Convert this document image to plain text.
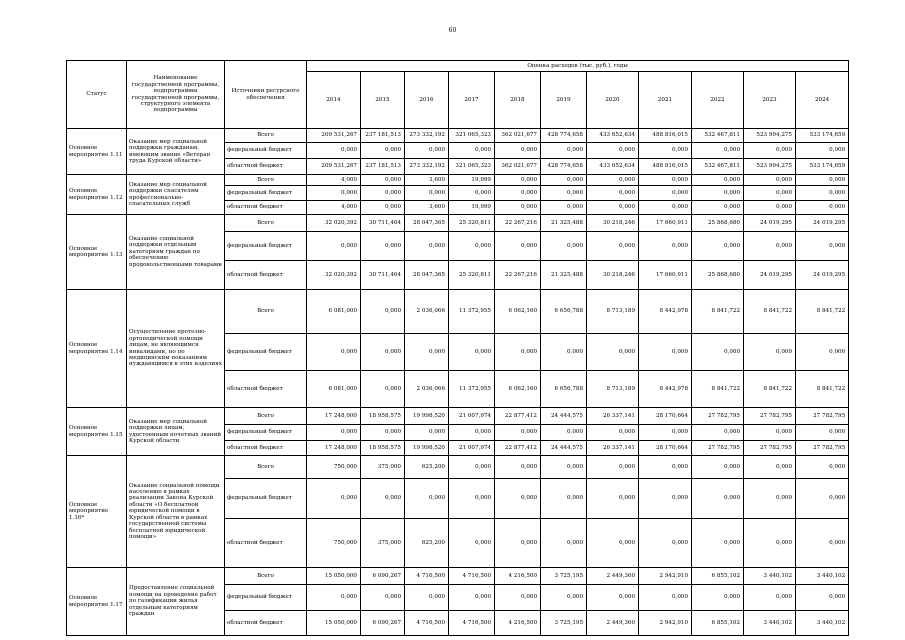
60
Статус	Наименование государственной программы, подпрограммы государственной программы, структурного элемента подпрограммы	Источники ресурсного обеспечения	Оценка расходов (тыс. руб.), годы										
			2014	2015	2016	2017	2018	2019	2020	2021	2022	2023	2024
Основное мероприятие 1.11	Оказание мер социальной поддержки гражданам, имеющим звание «Ветеран труда Курской области»	Всего	209 531,267	237 181,513	273 332,192	321 065,323	362 021,677	428 774,658	433 652,634	488 816,015	532 467,811	523 994,275	533 174,659
		федеральный бюджет	0,000	0,000	0,000	0,000	0,000	0,000	0,000	0,000	0,000	0,000	0,000
		областной бюджет	209 531,267	237 181,513	273 332,192	321 065,323	362 021,677	428 774,658	433 652,634	488 816,015	532 467,811	523 994,275	533 174,659
Основное мероприятие 1.12	Оказание мер социальной поддержки спасателям профессионально-спасательных служб	Всего	4,000	0,000	3,600	19,999	0,000	0,000	0,000	0,000	0,000	0,000	0,000
		федеральный бюджет	0,000	0,000	0,000	0,000	0,000	0,000	0,000	0,000	0,000	0,000	0,000
		областной бюджет	4,000	0,000	3,600	19,999	0,000	0,000	0,000	0,000	0,000	0,000	0,000
Основное мероприятие 1.13	Оказание социальной поддержки отдельным категориям граждан по обеспечению продовольственными товарами	Всего	32 020,392	30 711,464	28 047,365	25 320,811	22 267,216	21 325,488	30 218,246	17 660,911	25 868,680	24 019,295	24 019,295
		федеральный бюджет	0,000	0,000	0,000	0,000	0,000	0,000	0,000	0,000	0,000	0,000	0,000
		областной бюджет	32 020,392	30 711,464	28 047,365	25 320,811	22 267,216	21 325,488	30 218,246	17 660,911	25 868,680	24 019,295	24 019,295
Основное мероприятие 1.14	Осуществление протезно-ортопедической помощи лицам, не являющимся инвалидами, но по медицинским показаниям нуждающимся в этих изделиях	Всего	6 081,000	0,000	2 036,066	11 372,955	6 062,160	6 656,788	8 713,189	8 442,978	8 841,722	8 841,722	8 841,722
		федеральный бюджет	0,000	0,000	0,000	0,000	0,000	0,000	0,000	0,000	0,000	0,000	0,000
		областной бюджет	6 081,000	0,000	2 036,066	11 372,955	6 062,160	6 656,788	8 713,189	8 442,978	8 841,722	8 841,722	8 841,722
Основное мероприятие 1.15	Оказание мер социальной поддержки лицам, удостоенным почетных званий Курской области	Всего	17 248,000	18 958,575	19 998,520	21 007,974	22 877,412	24 444,575	26 337,141	28 170,664	27 782,795	27 782,795	27 782,795
		федеральный бюджет	0,000	0,000	0,000	0,000	0,000	0,000	0,000	0,000	0,000	0,000	0,000
		областной бюджет	17 248,000	18 958,575	19 998,520	21 007,974	22 877,412	24 444,575	26 337,141	28 170,664	27 782,795	27 782,795	27 782,795
Основное мероприятие 1.16*	Оказание социальной помощи населению в рамках реализации Закона Курской области «О бесплатной юридической помощи в Курской области в рамках государственной системы бесплатной юридической помощи»	Всего	750,000	375,000	625,200	0,000	0,000	0,000	0,000	0,000	0,000	0,000	0,000
		федеральный бюджет	0,000	0,000	0,000	0,000	0,000	0,000	0,000	0,000	0,000	0,000	0,000
		областной бюджет	750,000	375,000	625,200	0,000	0,000	0,000	0,000	0,000	0,000	0,000	0,000
Основное мероприятие 1.17	Предоставление социальной помощи на проведение работ по газификации жилья отдельным категориям граждан	Всего	15 050,000	6 090,267	4 716,500	4 716,500	4 216,500	3 725,195	2 449,360	2 942,910	6 855,102	3 440,102	3 440,102
		федеральный бюджет	0,000	0,000	0,000	0,000	0,000	0,000	0,000	0,000	0,000	0,000	0,000
		областной бюджет	15 050,000	6 090,267	4 716,500	4 716,500	4 216,500	3 725,195	2 449,360	2 942,910	6 855,102	3 440,102	3 440,102
